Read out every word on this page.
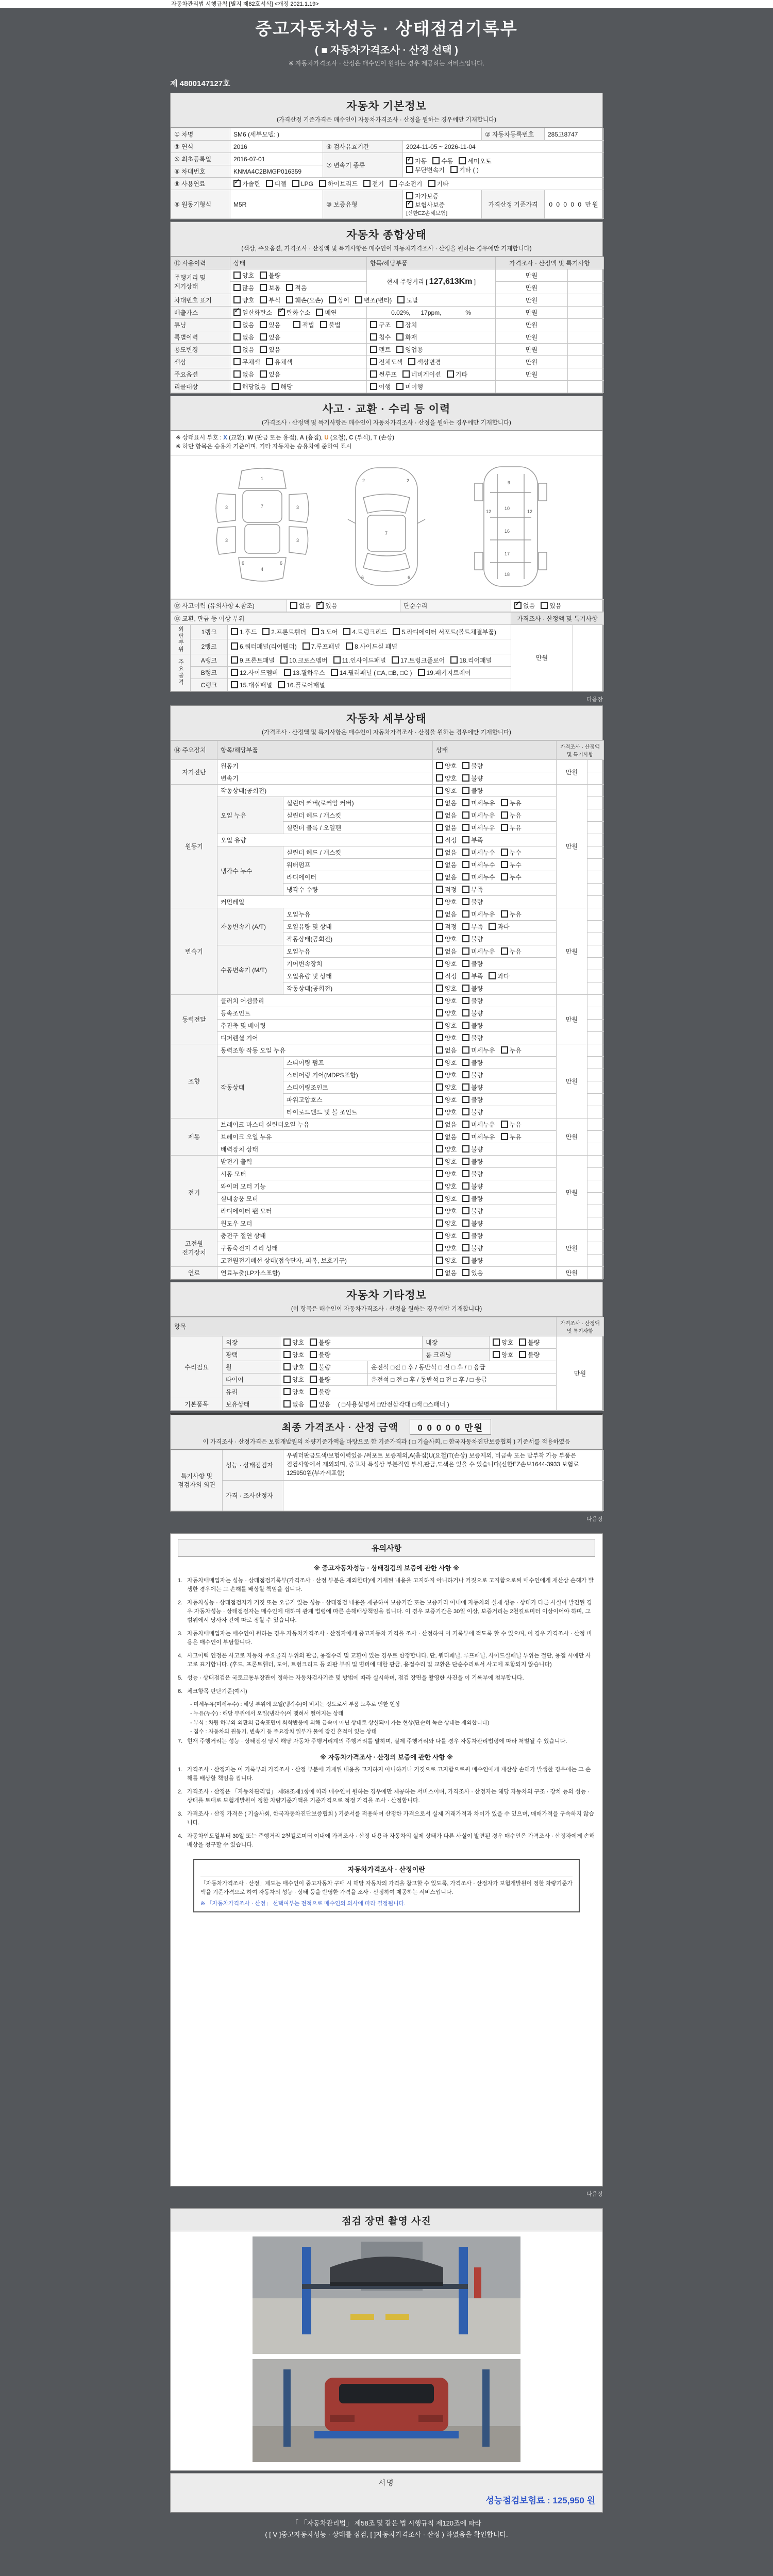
자동차관리법 시행규칙 [별지 제82호서식] <개정 2021.1.19>
중고자동차성능 · 상태점검기록부
( ■ 자동차가격조사 · 산정 선택 )
※ 자동차가격조사 · 산정은 매수인이 원하는 경우 제공하는 서비스입니다.
제 4800147127호
자동차 기본정보
(가격산정 기준가격은 매수인이 자동차가격조사 · 산정을 원하는 경우에만 기재합니다)
① 차명	SM6 (세부모델: )			② 자동차등록번호	285고8747
③ 연식	2016	④ 검사유효기간	2024-11-05 ~ 2026-11-04		
⑤ 최초등록일	2016-07-01	⑦ 변속기 종류	✓자동 수동 세미오토
무단변속기 기타 ( )
⑥ 차대번호	KNMA4C2BMGP016359				
⑧ 사용연료	✓가솔린 디젤 LPG 하이브리드 전기 수소전기 기타
⑨ 원동기형식	M5R	⑩ 보증유형	자가보증✓보험사보증[신한EZ손해보험]	가격산정 기준가격	0 0 0 0 0 만원
자동차 종합상태
(색상, 주요옵션, 가격조사 · 산정액 및 특기사항은 매수인이 자동차가격조사 · 산정을 원하는 경우에만 기재합니다)
⑪ 사용이력	상태	항목/해당부품	가격조사 · 산정액 및 특기사항	
주행거리 및 계기상태	양호 불량	현재 주행거리 [ 127,613Km ]	만원	
	많음 보통 적음		만원	
차대번호 표기	양호 부식 훼손(오손) 상이 변조(변타) 도말		만원	
배출가스	✓일산화탄소 ✓ 탄화수소 매연	0.02%,      17ppm,              %	만원	
튜닝	없음 있음 적법 불법	구조 장치	만원	
특별이력	없음 있음	침수 화재	만원	
용도변경	없음 있음	렌트 영업용	만원	
색상	무채색 유채색	전체도색 색상변경	만원	
주요옵션	없음 있음	썬루프 네비게이션 기타	만원	
리콜대상	해당없음 해당	이행 미이행		
사고 · 교환 · 수리 등 이력
(가격조사 · 산정액 및 특기사항은 매수인이 자동차가격조사 · 산정을 원하는 경우에만 기재합니다)
※ 상태표시 부호 : X (교환), W (판금 또는 용접), A (흠집), U (요철), C (부식), T (손상)
※ 하단 항목은 승용차 기준이며, 기타 자동차는 승용차에 준하여 표시
1
7
3	3
3	3
4
6	6
2	2
7
6	6
9
10
16
17
18
12	12
⑫ 사고이력 (유의사항 4.참조)	없음 ✓ 있음	단순수리	✓없음 있음
⑬ 교환, 판금 등 이상 부위			가격조사 · 산정액 및 특기사항	
외판부위	1랭크	1.후드 2.프론트휀더 3.도어 4.트렁크리드 5.라디에이터 서포트(볼트체결부품)	만원	
	2랭크	6.쿼터패널(리어휀더) 7.루프패널 8.사이드실 패널		
주요골격	A랭크	9.프론트패널 10.크로스멤버 11.인사이드패널 17.트렁크플로어 18.리어패널		
	B랭크	12.사이드멤버 13.휠하우스 14.필러패널 ( □A, □B, □C ) 19.패키지트레이		
	C랭크	15.대쉬패널 16.플로어패널		
다음장
자동차 세부상태
(가격조사 · 산정액 및 특기사항은 매수인이 자동차가격조사 · 산정을 원하는 경우에만 기재합니다)
⑭ 주요장치	항목/해당부품		상태	가격조사 · 산정액 및 특기사항	
자기진단	원동기		양호 불량	만원	
	변속기		양호 불량		
원동기	작동상태(공회전)		양호 불량	만원	
	오일 누유	실린더 커버(로커암 커버)	없음 미세누유 누유		
		실린더 헤드 / 개스킷	없음 미세누유 누유		
		실린더 블록 / 오일팬	없음 미세누유 누유		
	오일 유량		적정 부족		
	냉각수 누수	실린더 헤드 / 개스킷	없음 미세누수 누수		
		워터펌프	없음 미세누수 누수		
		라디에이터	없음 미세누수 누수		
		냉각수 수량	적정 부족		
	커먼레일		양호 불량		
변속기	자동변속기 (A/T)	오일누유	없음 미세누유 누유	만원	
		오일유량 및 상태	적정 부족 과다		
		작동상태(공회전)	양호 불량		
	수동변속기 (M/T)	오일누유	없음 미세누유 누유		
		기어변속장치	양호 불량		
		오일유량 및 상태	적정 부족 과다		
		작동상태(공회전)	양호 불량		
동력전달	클러치 어셈블리		양호 불량	만원	
	등속조인트		양호 불량		
	추진축 및 베어링		양호 불량		
	디퍼렌셜 기어		양호 불량		
조향	동력조향 작동 오일 누유		없음 미세누유 누유	만원	
	작동상태	스티어링 펌프	양호 불량		
		스티어링 기어(MDPS포함)	양호 불량		
		스티어링조인트	양호 불량		
		파워고압호스	양호 불량		
		타이로드엔드 및 볼 조인트	양호 불량		
제동	브레이크 마스터 실린더오일 누유		없음 미세누유 누유	만원	
	브레이크 오일 누유		없음 미세누유 누유		
	배력장치 상태		양호 불량		
전기	발전기 출력		양호 불량	만원	
	시동 모터		양호 불량		
	와이퍼 모터 기능		양호 불량		
	실내송풍 모터		양호 불량		
	라디에이터 팬 모터		양호 불량		
	윈도우 모터		양호 불량		
고전원 전기장치	충전구 절연 상태		양호 불량	만원	
	구동축전지 격리 상태		양호 불량		
	고전원전기배선 상태(접속단자, 피복, 보호기구)		양호 불량		
연료	연료누출(LP가스포함)		없음 있음	만원	
자동차 기타정보
(이 항목은 매수인이 자동차가격조사 · 산정을 원하는 경우에만 기재합니다)
항목						가격조사 · 산정액 및 특기사항
수리필요	외장	양호 불량		내장	양호 불량	만원
	광택	양호 불량		룸 크리닝	양호 불량	
	휠	양호 불량	운전석 □전 □ 후 / 동반석 □ 전 □ 후 / □ 응급			
	타이어	양호 불량	운전석 □ 전 □ 후 / 동반석 □ 전 □ 후 / □ 응급			
	유리	양호 불량				
기본품목	보유상태	없음 있음 ( □사용설명서 □안전삼각대 □잭 □스패너 )				
최종 가격조사 · 산정 금액 0 0 0 0 0 만원
이 가격조사 · 산정가격은 보험개발원의 차량기준가액을 바탕으로 한 기준가격과 ( □ 기술사회, □ 한국자동차진단보증협회 ) 기준서를 적용하였음
특기사항 및 점검자의 의견	성능 · 상태점검자	우쿼터판금도색/보험이력있음 /써포트 보증제외,A(흠집)U(요철)T(손상) 보증제외, 비금속 또는 탈부착 가능 부품은 점검사항에서 제외되며, 중고차 특성상 부분적인 부식,판금,도색은 있을 수 있습니다(신한EZ손보1644-3933 보험료 125950원(부가세포함)
	가격 · 조사산정자	
다음장
유의사항
※ 중고자동차성능 · 상태점검의 보증에 관한 사항 ※
1. 자동차매매업자는 성능 · 상태점검기록부(가격조사 · 산정 부분은 제외한다)에 기재된 내용을 고지하지 아니하거나 거짓으로 고지함으로써 매수인에게 재산상 손해가 발생한 경우에는 그 손해를 배상할 책임을 집니다.
2. 자동차성능 · 상태점검자가 거짓 또는 오류가 있는 성능 · 상태점검 내용을 제공하여 보증기간 또는 보증거리 이내에 자동차의 실제 성능 · 상태가 다른 사실이 발견된 경우 자동차성능 · 상태점검자는 매수인에 대하여 관계 법령에 따른 손해배상책임을 집니다. 이 경우 보증기간은 30일 이상, 보증거리는 2천킬로미터 이상이어야 하며, 그 범위에서 당사자 간에 따로 정할 수 있습니다.
3. 자동차매매업자는 매수인이 원하는 경우 자동차가격조사 · 산정자에게 중고자동차 가격을 조사 · 산정하여 이 기록부에 적도록 할 수 있으며, 이 경우 가격조사 · 산정 비용은 매수인이 부담합니다.
4. 사고이력 인정은 사고로 자동차 주요골격 부위의 판금, 용접수리 및 교환이 있는 경우로 한정합니다. 단, 쿼터패널, 루프패널, 사이드실패널 부위는 절단, 용접 시에만 사고로 표기합니다. (후드, 프론트휀더, 도어, 트렁크리드 등 외판 부위 및 범퍼에 대한 판금, 용접수리 및 교환은 단순수리로서 사고에 포함되지 않습니다)
5. 성능 · 상태점검은 국토교통부장관이 정하는 자동차검사기준 및 방법에 따라 실시하며, 점검 장면을 촬영한 사진을 이 기록부에 첨부합니다.
6. 체크항목 판단기준(예시)
- 미세누유(미세누수) : 해당 부위에 오일(냉각수)이 비치는 정도로서 부품 노후로 인한 현상
- 누유(누수) : 해당 부위에서 오일(냉각수)이 맺혀서 떨어지는 상태
- 부식 : 차량 하부와 외판의 금속표면이 화학반응에 의해 금속이 아닌 상태로 상실되어 가는 현상(단순히 녹슨 상태는 제외합니다)
- 침수 : 자동차의 원동기, 변속기 등 주요장치 일부가 물에 잠긴 흔적이 있는 상태
7. 현재 주행거리는 성능 · 상태점검 당시 해당 자동차 주행거리계의 주행거리를 말하며, 실제 주행거리와 다를 경우 자동차관리법령에 따라 처벌될 수 있습니다.
※ 자동차가격조사 · 산정의 보증에 관한 사항 ※
1. 가격조사 · 산정자는 이 기록부의 가격조사 · 산정 부분에 기재된 내용을 고지하지 아니하거나 거짓으로 고지함으로써 매수인에게 재산상 손해가 발생한 경우에는 그 손해를 배상할 책임을 집니다.
2. 가격조사 · 산정은 「자동차관리법」 제58조제1항에 따라 매수인이 원하는 경우에만 제공하는 서비스이며, 가격조사 · 산정자는 해당 자동차의 구조 · 장치 등의 성능 · 상태를 토대로 보험개발원이 정한 차량기준가액을 기준가격으로 적정 가격을 조사 · 산정합니다.
3. 가격조사 · 산정 가격은 ( 기술사회, 한국자동차진단보증협회 ) 기준서를 적용하여 산정한 가격으로서 실제 거래가격과 차이가 있을 수 있으며, 매매가격을 구속하지 않습니다.
4. 자동차인도일부터 30일 또는 주행거리 2천킬로미터 이내에 가격조사 · 산정 내용과 자동차의 실제 상태가 다른 사실이 발견된 경우 매수인은 가격조사 · 산정자에게 손해배상을 청구할 수 있습니다.
자동차가격조사 · 산정이란
「자동차가격조사 · 산정」제도는 매수인이 중고자동차 구매 시 해당 자동차의 가격을 참고할 수 있도록, 가격조사 · 산정자가 보험개발원이 정한 차량기준가액을 기준가격으로 하여 자동차의 성능 · 상태 등을 반영한 가격을 조사 · 산정하여 제공하는 서비스입니다.
※ 「자동차가격조사 · 산정」 선택여부는 전적으로 매수인의 의사에 따라 결정됩니다.
다음장
점검 장면 촬영 사진
서명
성능점검보험료 : 125,950 원
「 「자동차관리법」 제58조 및 같은 법 시행규칙 제120조에 따라
( [ V ]중고자동차성능 · 상태를 점검, [ ]자동차가격조사 · 산정 ) 하였음을 확인합니다.
